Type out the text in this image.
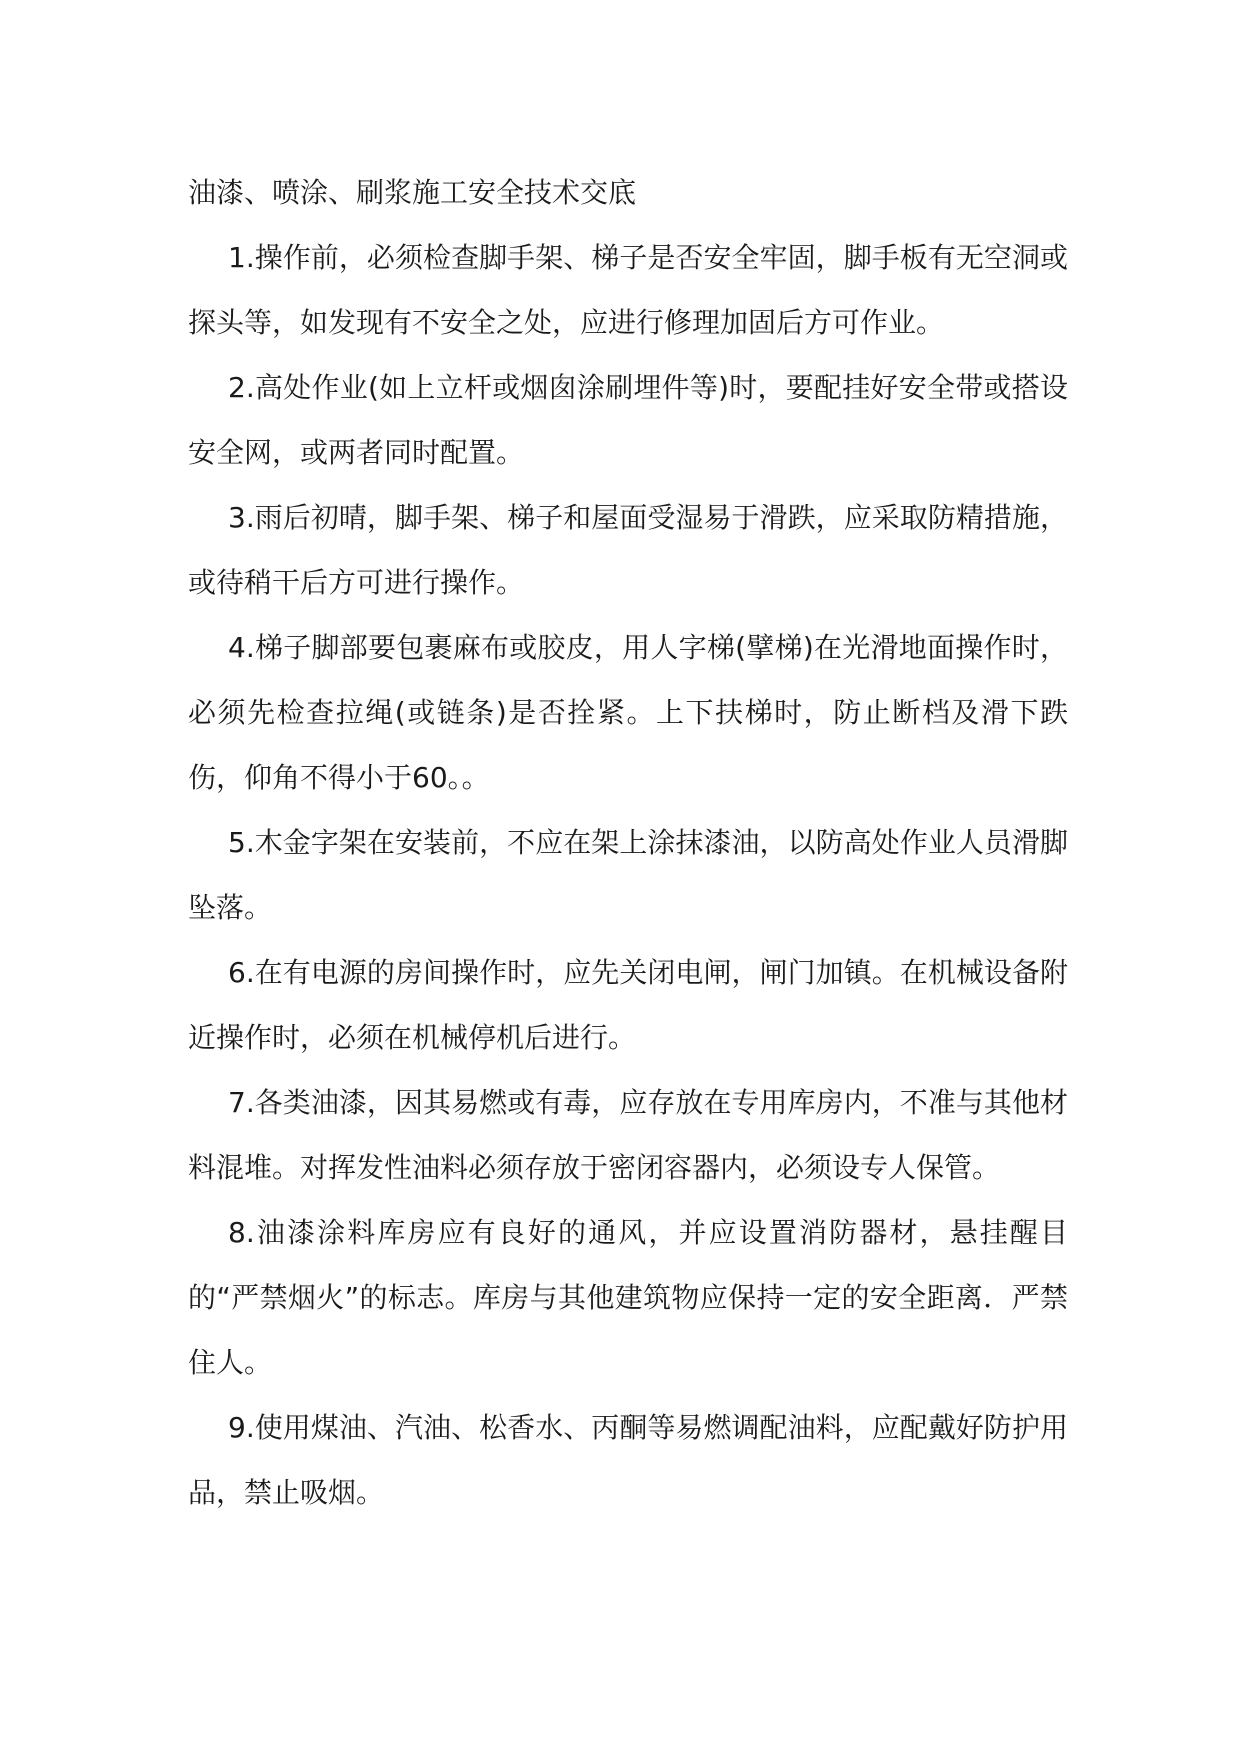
油漆、喷涂、刷浆施工安全技术交底

1.操作前，必须检查脚手架、梯子是否安全牢固，脚手板有无空洞或探头等，如发现有不安全之处，应进行修理加固后方可作业。

2.高处作业(如上立杆或烟囱涂刷埋件等)时，要配挂好安全带或搭设安全网，或两者同时配置。

3.雨后初晴，脚手架、梯子和屋面受湿易于滑跌，应采取防精措施，或待稍干后方可进行操作。

4.梯子脚部要包裹麻布或胶皮，用人字梯(擘梯)在光滑地面操作时，必须先检查拉绳(或链条)是否拴紧。上下扶梯时，防止断档及滑下跌伤，仰角不得小于60。。

5.木金字架在安装前，不应在架上涂抹漆油，以防高处作业人员滑脚坠落。

6.在有电源的房间操作时，应先关闭电闸，闸门加镇。在机械设备附近操作时，必须在机械停机后进行。

7.各类油漆，因其易燃或有毒，应存放在专用库房内，不准与其他材料混堆。对挥发性油料必须存放于密闭容器内，必须设专人保管。

8.油漆涂料库房应有良好的通风，并应设置消防器材，悬挂醒目的“严禁烟火”的标志。库房与其他建筑物应保持一定的安全距离．严禁住人。

9.使用煤油、汽油、松香水、丙酮等易燃调配油料，应配戴好防护用品，禁止吸烟。
